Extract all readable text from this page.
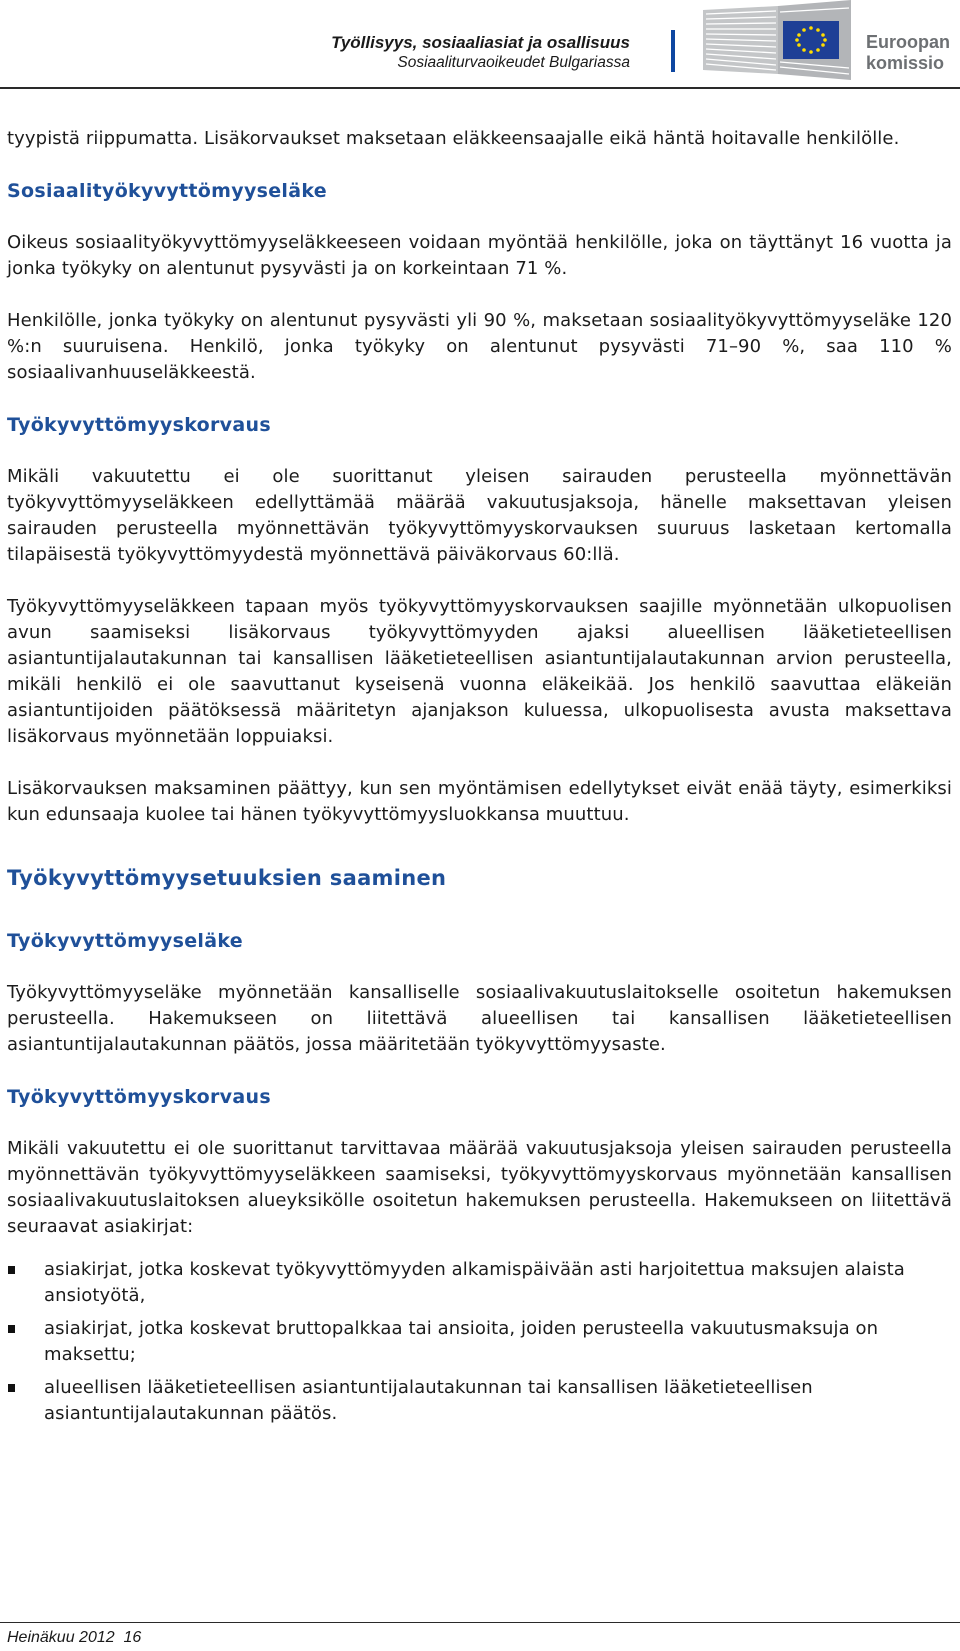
Työllisyys, sosiaaliasiat ja osallisuus
Sosiaaliturvaoikeudet Bulgariassa
Euroopan
komissio

tyypistä riippumatta. Lisäkorvaukset maksetaan eläkkeensaajalle eikä häntä hoitavalle henkilölle.

Sosiaalityökyvyttömyyseläke

Oikeus sosiaalityökyvyttömyyseläkkeeseen voidaan myöntää henkilölle, joka on täyttänyt 16 vuotta ja jonka työkyky on alentunut pysyvästi ja on korkeintaan 71 %.

Henkilölle, jonka työkyky on alentunut pysyvästi yli 90 %, maksetaan sosiaalityökyvyttömyyseläke 120 %:n suuruisena. Henkilö, jonka työkyky on alentunut pysyvästi 71–90 %, saa 110 % sosiaalivanhuuseläkkeestä.

Työkyvyttömyyskorvaus

Mikäli vakuutettu ei ole suorittanut yleisen sairauden perusteella myönnettävän työkyvyttömyyseläkkeen edellyttämää määrää vakuutusjaksoja, hänelle maksettavan yleisen sairauden perusteella myönnettävän työkyvyttömyyskorvauksen suuruus lasketaan kertomalla tilapäisestä työkyvyttömyydestä myönnettävä päiväkorvaus 60:llä.

Työkyvyttömyyseläkkeen tapaan myös työkyvyttömyyskorvauksen saajille myönnetään ulkopuolisen avun saamiseksi lisäkorvaus työkyvyttömyyden ajaksi alueellisen lääketieteellisen asiantuntijalautakunnan tai kansallisen lääketieteellisen asiantuntijalautakunnan arvion perusteella, mikäli henkilö ei ole saavuttanut kyseisenä vuonna eläkeikää. Jos henkilö saavuttaa eläkeiän asiantuntijoiden päätöksessä määritetyn ajanjakson kuluessa, ulkopuolisesta avusta maksettava lisäkorvaus myönnetään loppuiaksi.

Lisäkorvauksen maksaminen päättyy, kun sen myöntämisen edellytykset eivät enää täyty, esimerkiksi kun edunsaaja kuolee tai hänen työkyvyttömyysluokkansa muuttuu.

Työkyvyttömyysetuuksien saaminen
Työkyvyttömyyseläke

Työkyvyttömyyseläke myönnetään kansalliselle sosiaalivakuutuslaitokselle osoitetun hakemuksen perusteella. Hakemukseen on liitettävä alueellisen tai kansallisen lääketieteellisen asiantuntijalautakunnan päätös, jossa määritetään työkyvyttömyysaste.

Työkyvyttömyyskorvaus

Mikäli vakuutettu ei ole suorittanut tarvittavaa määrää vakuutusjaksoja yleisen sairauden perusteella myönnettävän työkyvyttömyyseläkkeen saamiseksi, työkyvyttömyyskorvaus myönnetään kansallisen sosiaalivakuutuslaitoksen alueyksikölle osoitetun hakemuksen perusteella. Hakemukseen on liitettävä seuraavat asiakirjat:

asiakirjat, jotka koskevat työkyvyttömyyden alkamispäivään asti harjoitettua maksujen alaista ansiotyötä,
asiakirjat, jotka koskevat bruttopalkkaa tai ansioita, joiden perusteella vakuutusmaksuja on maksettu;
alueellisen lääketieteellisen asiantuntijalautakunnan tai kansallisen lääketieteellisen asiantuntijalautakunnan päätös.
Heinäkuu 2012  16
